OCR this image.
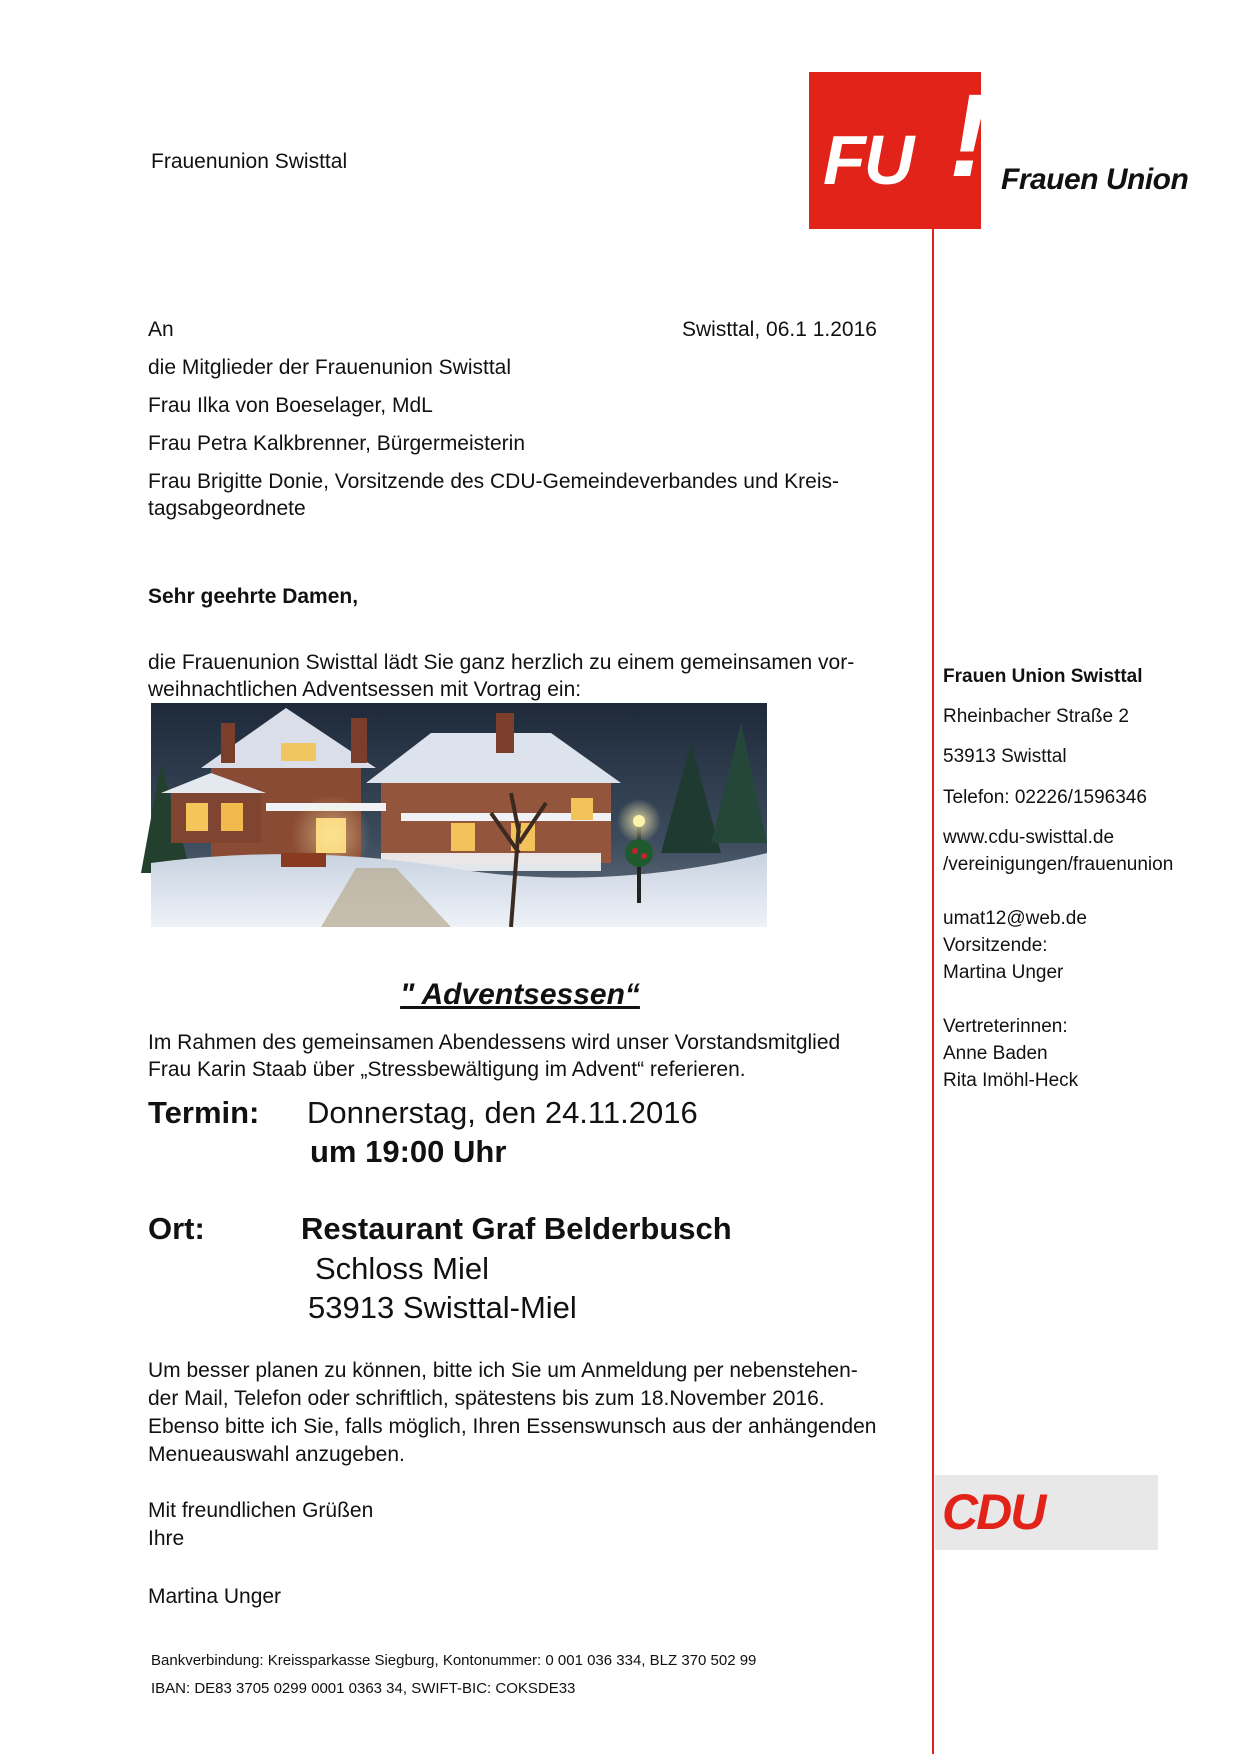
Frauenunion Swisttal	FU ! Frauen Union
An
die Mitglieder der Frauenunion Swisttal
Frau Ilka von Boeselager, MdL
Frau Petra Kalkbrenner, Bürgermeisterin
Frau Brigitte Donie, Vorsitzende des CDU-Gemeindeverbandes und Kreis-
tagsabgeordnete
Swisttal, 06.1 1.2016
Sehr geehrte Damen,
die Frauenunion Swisttal lädt Sie ganz herzlich zu einem gemeinsamen vor-
weihnachtlichen Adventsessen mit Vortrag ein:
" Adventsessen“
Im Rahmen des gemeinsamen Abendessens wird unser Vorstandsmitglied
Frau Karin Staab über „Stressbewältigung im Advent“ referieren.
Termin: Donnerstag, den 24.11.2016
um 19:00 Uhr
Ort:	Restaurant Graf Belderbusch
Schloss Miel
53913 Swisttal-Miel
Um besser planen zu können, bitte ich Sie um Anmeldung per nebenstehen-
der Mail, Telefon oder schriftlich, spätestens bis zum 18.November 2016.
Ebenso bitte ich Sie, falls möglich, Ihren Essenswunsch aus der anhängenden
Menueauswahl anzugeben.
Mit freundlichen Grüßen
Ihre
Martina Unger
Bankverbindung: Kreissparkasse Siegburg, Kontonummer: 0 001 036 334, BLZ 370 502 99
IBAN: DE83 3705 0299 0001 0363 34, SWIFT-BIC: COKSDE33
Frauen Union Swisttal
Rheinbacher Straße 2
53913 Swisttal
Telefon: 02226/1596346
www.cdu-swisttal.de
/vereinigungen/frauenunion
umat12@web.de
Vorsitzende:
Martina Unger
Vertreterinnen:
Anne Baden
Rita Imöhl-Heck
CDU
